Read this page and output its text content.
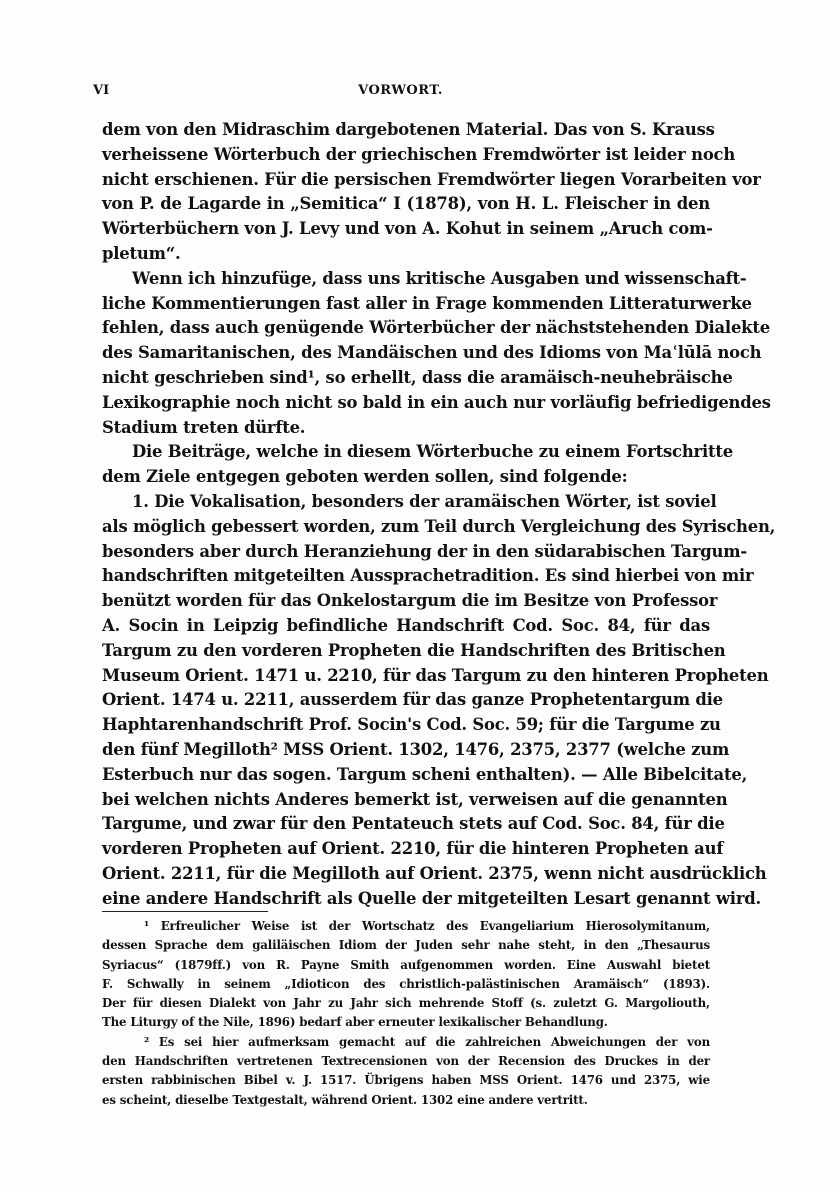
VI	VORWORT.
dem von den Midraschim dargebotenen Material. Das von S. Krauss
verheissene Wörterbuch der griechischen Fremdwörter ist leider noch
nicht erschienen. Für die persischen Fremdwörter liegen Vorarbeiten vor
von P. de Lagarde in „Semitica“ I (1878), von H. L. Fleischer in den
Wörterbüchern von J. Levy und von A. Kohut in seinem „Aruch com-
pletum“.
Wenn ich hinzufüge, dass uns kritische Ausgaben und wissenschaft-
liche Kommentierungen fast aller in Frage kommenden Litteraturwerke
fehlen, dass auch genügende Wörterbücher der nächststehenden Dialekte
des Samaritanischen, des Mandäischen und des Idioms von Maʿlūlā noch
nicht geschrieben sind¹, so erhellt, dass die aramäisch-neuhebräische
Lexikographie noch nicht so bald in ein auch nur vorläufig befriedigendes
Stadium treten dürfte.
Die Beiträge, welche in diesem Wörterbuche zu einem Fortschritte
dem Ziele entgegen geboten werden sollen, sind folgende:
1. Die Vokalisation, besonders der aramäischen Wörter, ist soviel
als möglich gebessert worden, zum Teil durch Vergleichung des Syrischen,
besonders aber durch Heranziehung der in den südarabischen Targum-
handschriften mitgeteilten Aussprachetradition. Es sind hierbei von mir
benützt worden für das Onkelostargum die im Besitze von Professor
A. Socin in Leipzig befindliche Handschrift Cod. Soc. 84, für das
Targum zu den vorderen Propheten die Handschriften des Britischen
Museum Orient. 1471 u. 2210, für das Targum zu den hinteren Propheten
Orient. 1474 u. 2211, ausserdem für das ganze Prophetentargum die
Haphtarenhandschrift Prof. Socin's Cod. Soc. 59; für die Targume zu
den fünf Megilloth² MSS Orient. 1302, 1476, 2375, 2377 (welche zum
Esterbuch nur das sogen. Targum scheni enthalten). — Alle Bibelcitate,
bei welchen nichts Anderes bemerkt ist, verweisen auf die genannten
Targume, und zwar für den Pentateuch stets auf Cod. Soc. 84, für die
vorderen Propheten auf Orient. 2210, für die hinteren Propheten auf
Orient. 2211, für die Megilloth auf Orient. 2375, wenn nicht ausdrücklich
eine andere Handschrift als Quelle der mitgeteilten Lesart genannt wird.
¹ Erfreulicher Weise ist der Wortschatz des Evangeliarium Hierosolymitanum,
dessen Sprache dem galiläischen Idiom der Juden sehr nahe steht, in den „Thesaurus
Syriacus“ (1879ff.) von R. Payne Smith aufgenommen worden. Eine Auswahl bietet
F. Schwally in seinem „Idioticon des christlich-palästinischen Aramäisch“ (1893).
Der für diesen Dialekt von Jahr zu Jahr sich mehrende Stoff (s. zuletzt G. Margoliouth,
The Liturgy of the Nile, 1896) bedarf aber erneuter lexikalischer Behandlung.
² Es sei hier aufmerksam gemacht auf die zahlreichen Abweichungen der von
den Handschriften vertretenen Textrecensionen von der Recension des Druckes in der
ersten rabbinischen Bibel v. J. 1517. Übrigens haben MSS Orient. 1476 und 2375, wie
es scheint, dieselbe Textgestalt, während Orient. 1302 eine andere vertritt.
